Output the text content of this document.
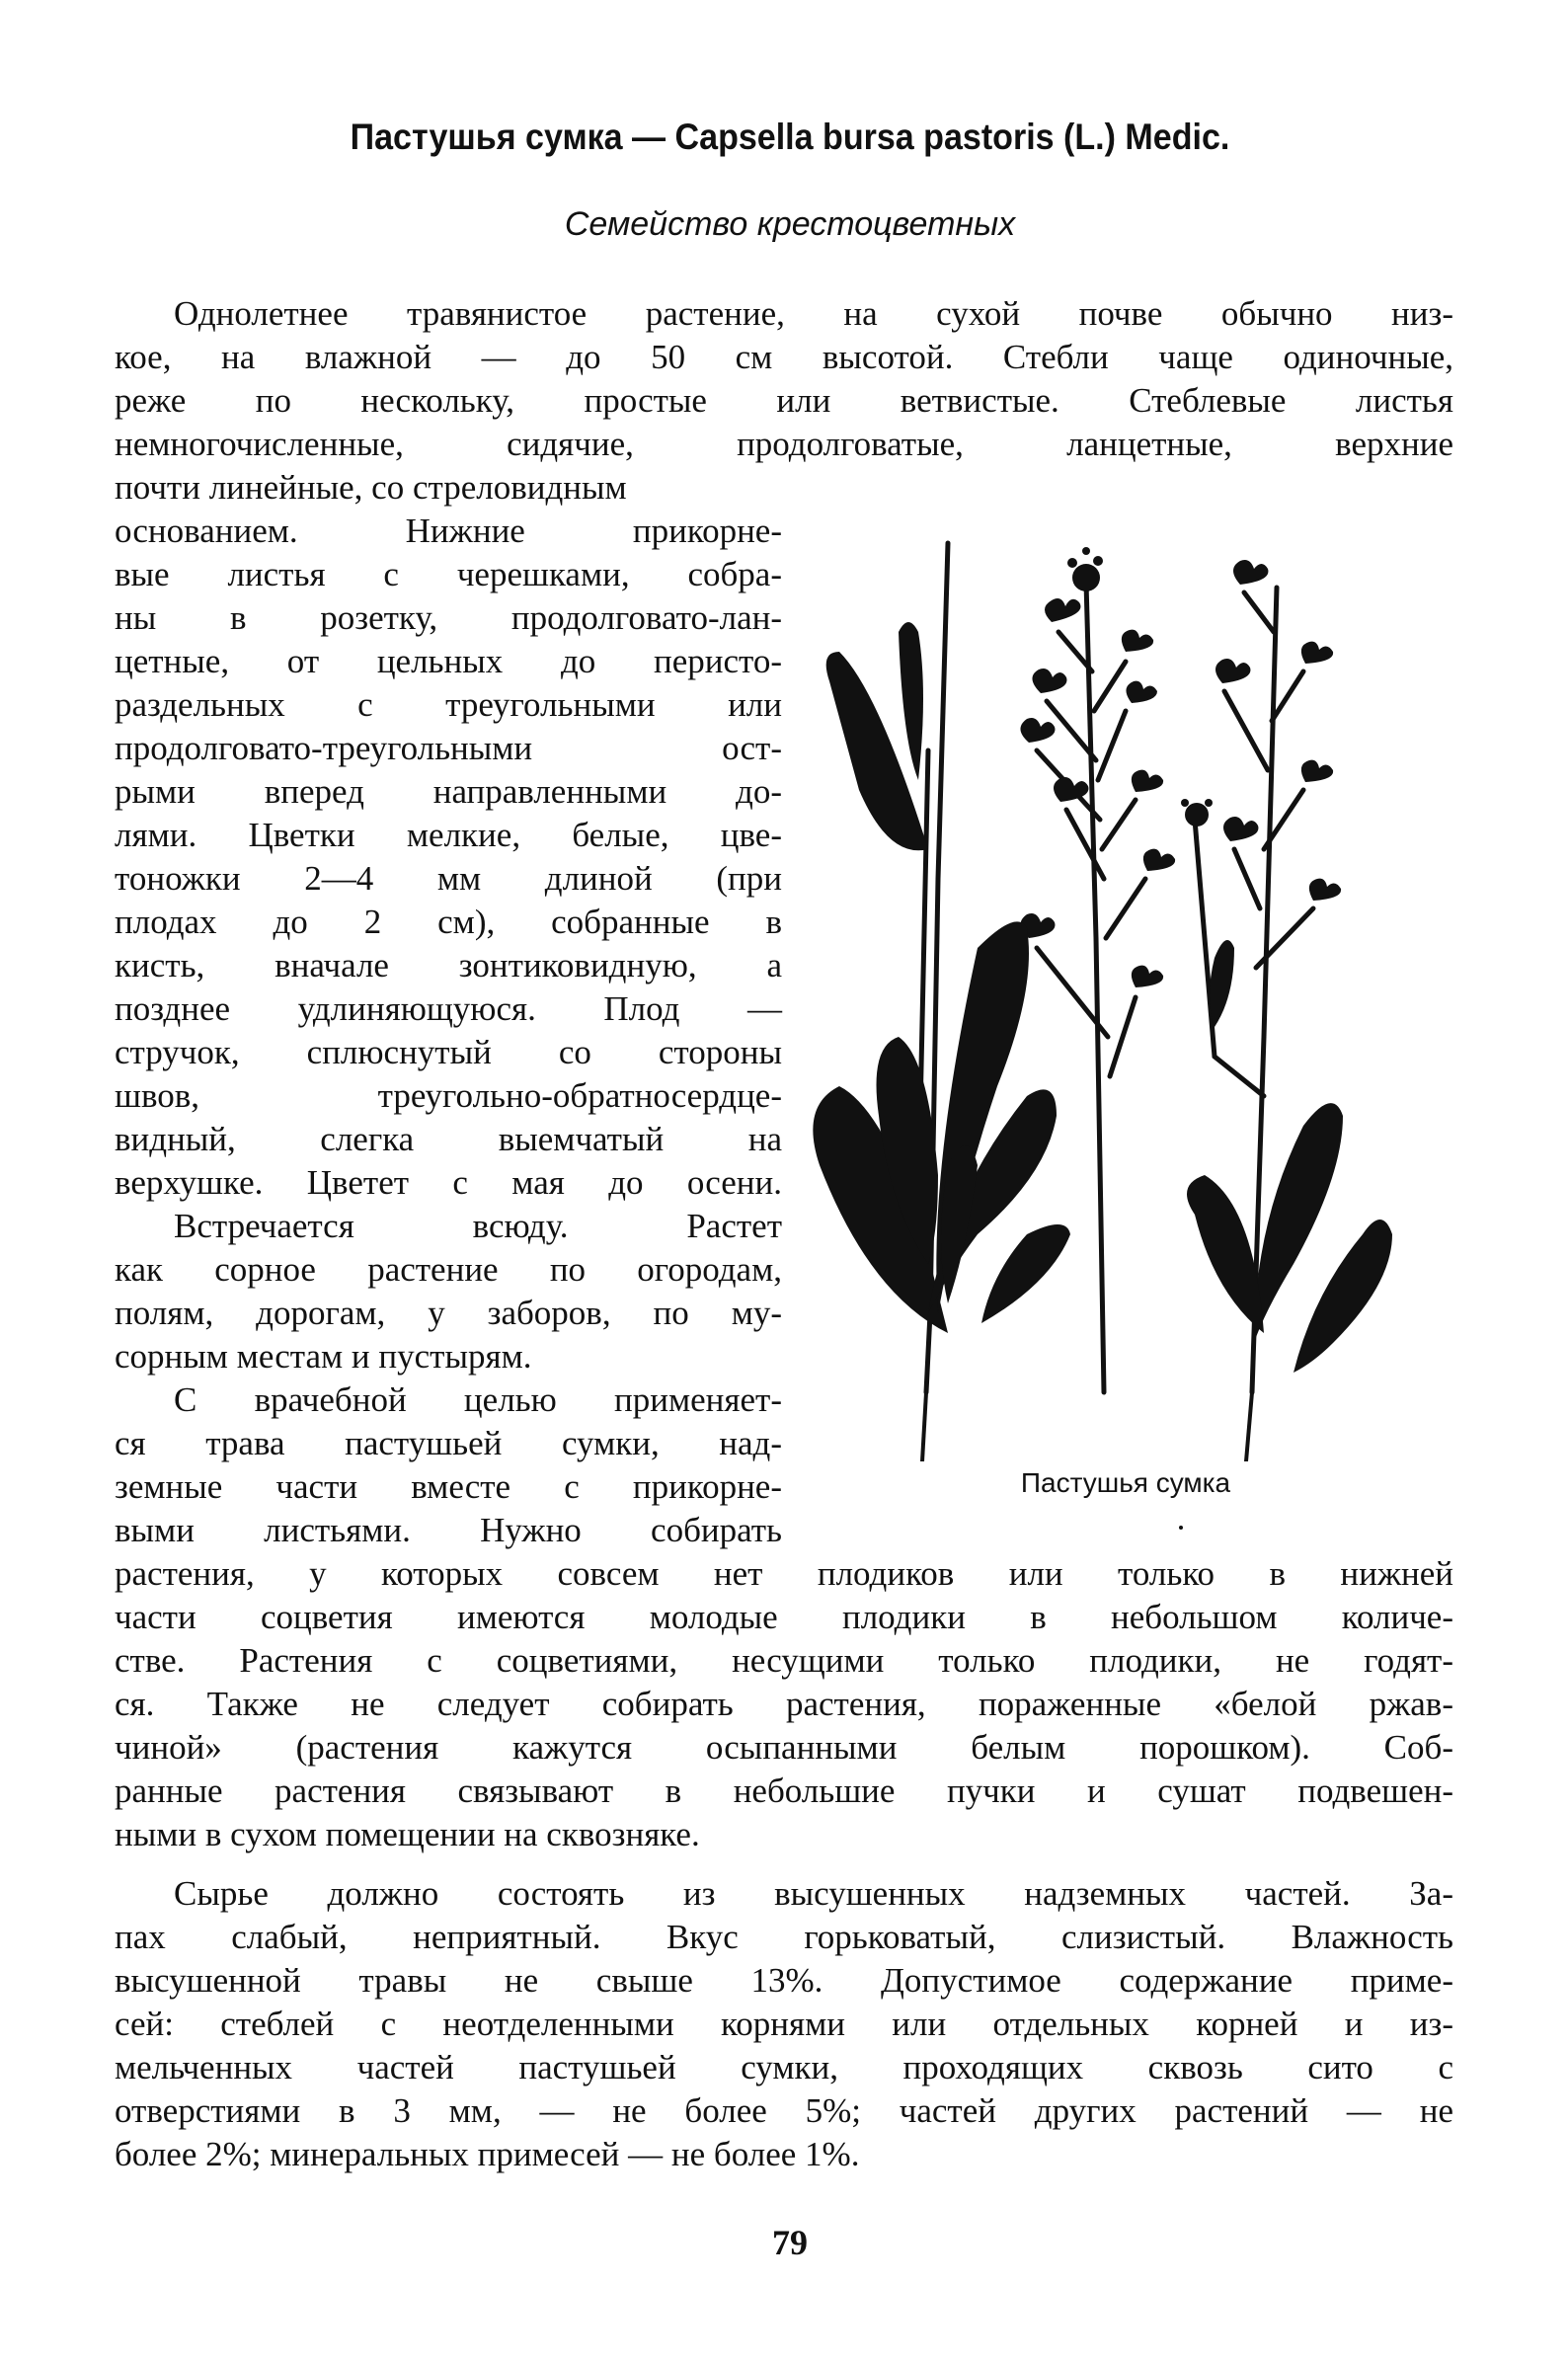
Пастушья сумка — Capsella bursa pastoris (L.) Medic.
Семейство крестоцветных
Однолетнее травянистое растение, на сухой почве обычно низ-
кое, на влажной — до 50 см высотой. Стебли чаще одиночные,
реже по нескольку, простые или ветвистые. Стеблевые листья
немногочисленные, сидячие, продолговатые, ланцетные, верхние
почти линейные, со стреловидным
основанием. Нижние прикорне-
вые листья с черешками, собра-
ны в розетку, продолговато-лан-
цетные, от цельных до перисто-
раздельных с треугольными или
продолговато-треугольными ост-
рыми вперед направленными до-
лями. Цветки мелкие, белые, цве-
тоножки 2—4 мм длиной (при
плодах до 2 см), собранные в
кисть, вначале зонтиковидную, а
позднее удлиняющуюся. Плод —
стручок, сплюснутый со стороны
швов, треугольно-обратносердце-
видный, слегка выемчатый на
верхушке. Цветет с мая до осени.
Встречается всюду. Растет
как сорное растение по огородам,
полям, дорогам, у заборов, по му-
сорным местам и пустырям.
С врачебной целью применяет-
ся трава пастушьей сумки, над-
земные части вместе с прикорне-
выми листьями. Нужно собирать
растения, у которых совсем нет плодиков или только в нижней
части соцветия имеются молодые плодики в небольшом количе-
стве. Растения с соцветиями, несущими только плодики, не годят-
ся. Также не следует собирать растения, пораженные «белой ржав-
чиной» (растения кажутся осыпанными белым порошком). Соб-
ранные растения связывают в небольшие пучки и сушат подвешен-
ными в сухом помещении на сквозняке.
Сырье должно состоять из высушенных надземных частей. За-
пах слабый, неприятный. Вкус горьковатый, слизистый. Влажность
высушенной травы не свыше 13%. Допустимое содержание приме-
сей: стеблей с неотделенными корнями или отдельных корней и из-
мельченных частей пастушьей сумки, проходящих сквозь сито с
отверстиями в 3 мм, — не более 5%; частей других растений — не
более 2%; минеральных примесей — не более 1%.
Пастушья сумка
79
